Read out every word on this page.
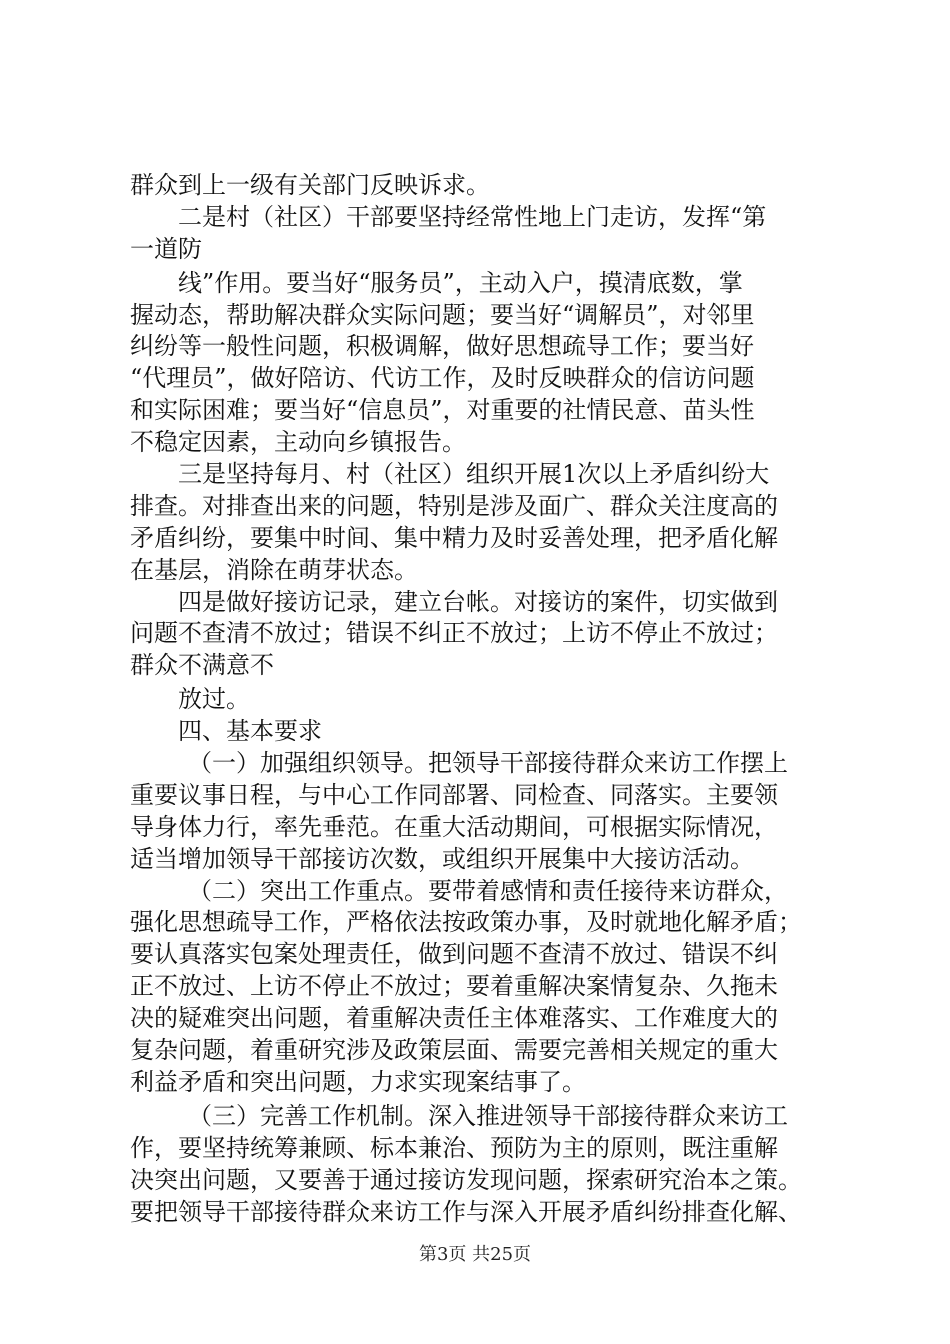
群众到上一级有关部门反映诉求。
二是村（社区）干部要坚持经常性地上门走访，发挥“第
一道防
线”作用。要当好“服务员”，主动入户，摸清底数，掌
握动态，帮助解决群众实际问题；要当好“调解员”，对邻里
纠纷等一般性问题，积极调解，做好思想疏导工作；要当好
“代理员”，做好陪访、代访工作，及时反映群众的信访问题
和实际困难；要当好“信息员”，对重要的社情民意、苗头性
不稳定因素，主动向乡镇报告。
三是坚持每月、村（社区）组织开展1次以上矛盾纠纷大
排查。对排查出来的问题，特别是涉及面广、群众关注度高的
矛盾纠纷，要集中时间、集中精力及时妥善处理，把矛盾化解
在基层，消除在萌芽状态。
四是做好接访记录，建立台帐。对接访的案件，切实做到
问题不查清不放过；错误不纠正不放过；上访不停止不放过；
群众不满意不
放过。
四、基本要求
（一）加强组织领导。把领导干部接待群众来访工作摆上
重要议事日程，与中心工作同部署、同检查、同落实。主要领
导身体力行，率先垂范。在重大活动期间，可根据实际情况，
适当增加领导干部接访次数，或组织开展集中大接访活动。
（二）突出工作重点。要带着感情和责任接待来访群众，
强化思想疏导工作，严格依法按政策办事，及时就地化解矛盾；
要认真落实包案处理责任，做到问题不查清不放过、错误不纠
正不放过、上访不停止不放过；要着重解决案情复杂、久拖未
决的疑难突出问题，着重解决责任主体难落实、工作难度大的
复杂问题，着重研究涉及政策层面、需要完善相关规定的重大
利益矛盾和突出问题，力求实现案结事了。
（三）完善工作机制。深入推进领导干部接待群众来访工
作，要坚持统筹兼顾、标本兼治、预防为主的原则，既注重解
决突出问题，又要善于通过接访发现问题，探索研究治本之策。
要把领导干部接待群众来访工作与深入开展矛盾纠纷排查化解、
第3页 共25页
